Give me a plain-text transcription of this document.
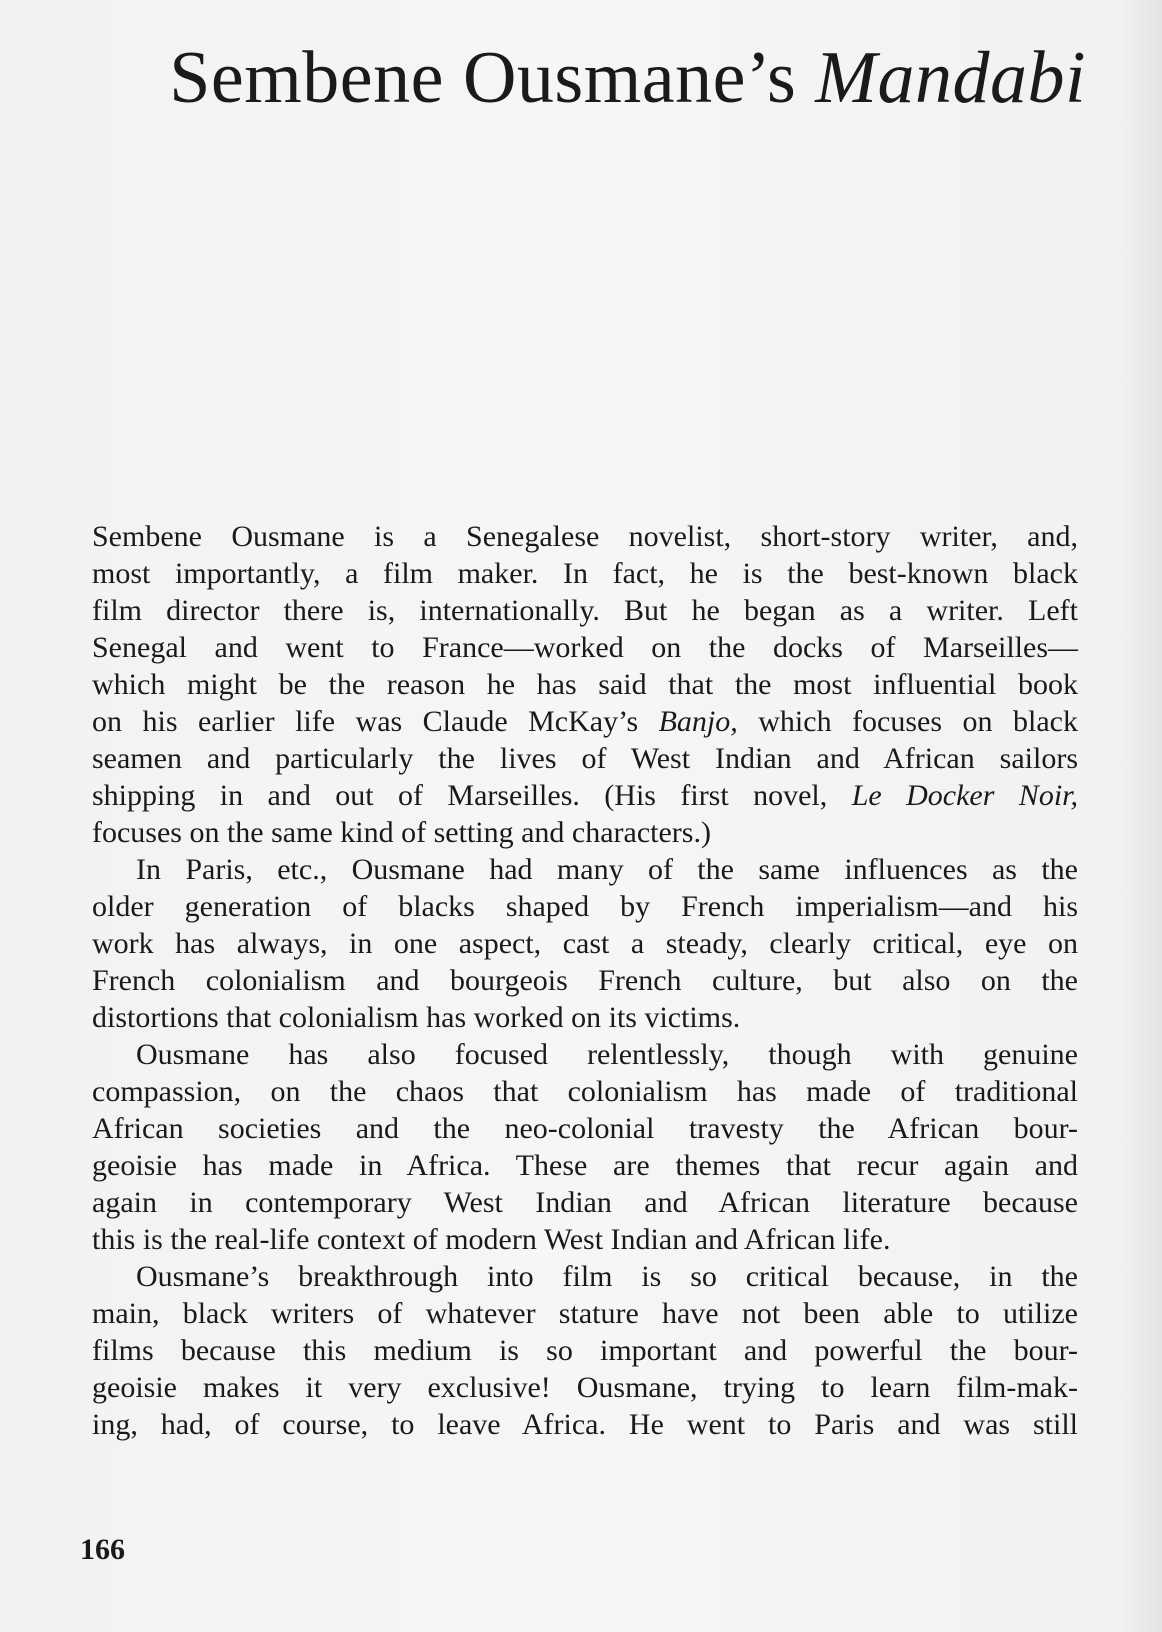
Sembene Ousmane’s Mandabi

Sembene Ousmane is a Senegalese novelist, short-story writer, and,
most importantly, a film maker. In fact, he is the best-known black
film director there is, internationally. But he began as a writer. Left
Senegal and went to France—worked on the docks of Marseilles—
which might be the reason he has said that the most influential book
on his earlier life was Claude McKay’s Banjo, which focuses on black
seamen and particularly the lives of West Indian and African sailors
shipping in and out of Marseilles. (His first novel, Le Docker Noir,
focuses on the same kind of setting and characters.)

In Paris, etc., Ousmane had many of the same influences as the
older generation of blacks shaped by French imperialism—and his
work has always, in one aspect, cast a steady, clearly critical, eye on
French colonialism and bourgeois French culture, but also on the
distortions that colonialism has worked on its victims.

Ousmane has also focused relentlessly, though with genuine
compassion, on the chaos that colonialism has made of traditional
African societies and the neo-colonial travesty the African bour-
geoisie has made in Africa. These are themes that recur again and
again in contemporary West Indian and African literature because
this is the real-life context of modern West Indian and African life.

Ousmane’s breakthrough into film is so critical because, in the
main, black writers of whatever stature have not been able to utilize
films because this medium is so important and powerful the bour-
geoisie makes it very exclusive! Ousmane, trying to learn film-mak-
ing, had, of course, to leave Africa. He went to Paris and was still

166
